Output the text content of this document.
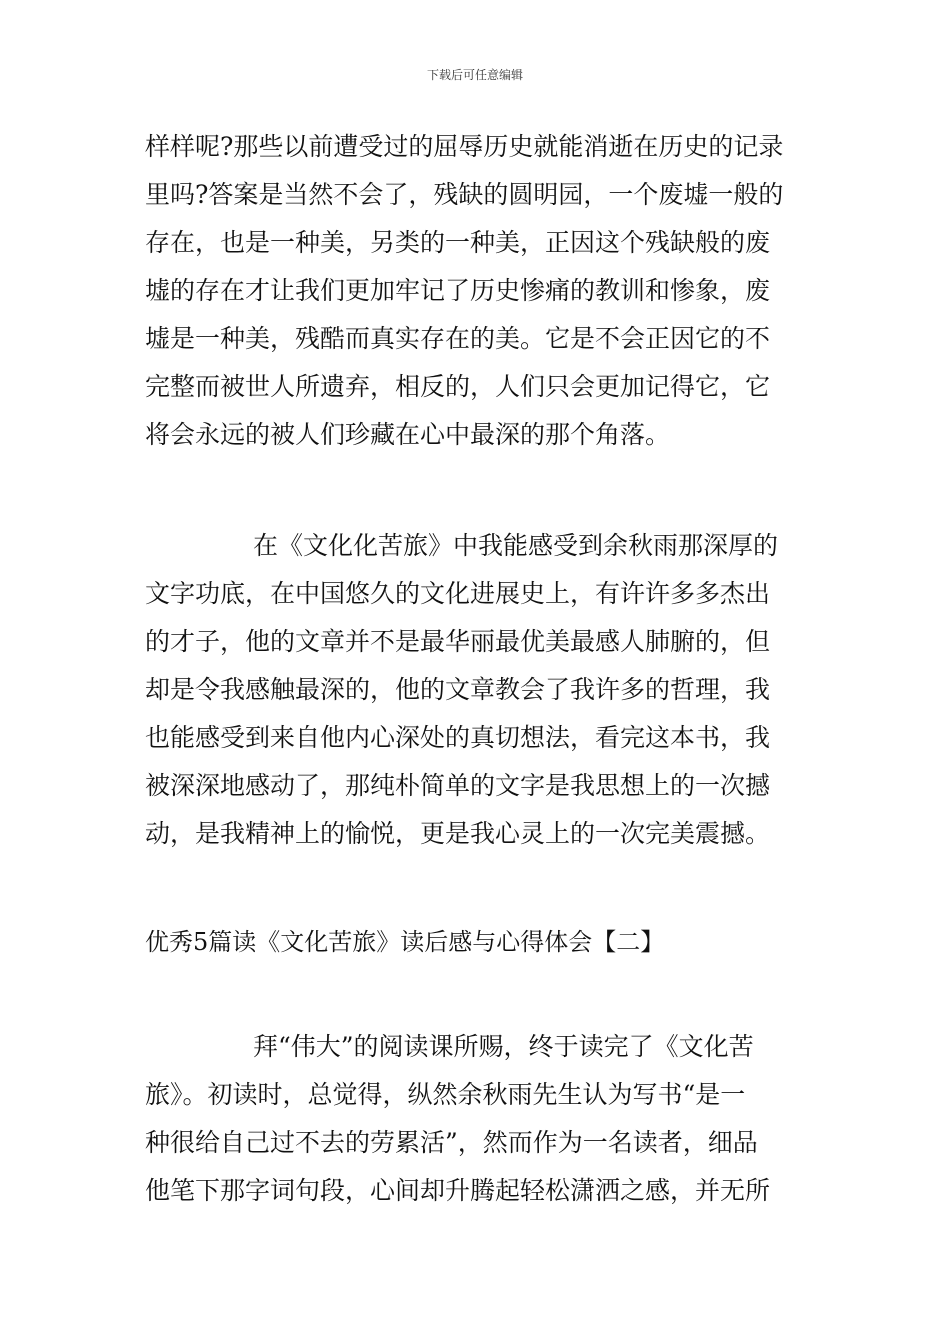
下载后可任意编辑
样样呢?那些以前遭受过的屈辱历史就能消逝在历史的记录
里吗?答案是当然不会了，残缺的圆明园，一个废墟一般的
存在，也是一种美，另类的一种美，正因这个残缺般的废
墟的存在才让我们更加牢记了历史惨痛的教训和惨象，废
墟是一种美，残酷而真实存在的美。它是不会正因它的不
完整而被世人所遗弃，相反的，人们只会更加记得它，它
将会永远的被人们珍藏在心中最深的那个角落。
在《文化化苦旅》中我能感受到余秋雨那深厚的
文字功底，在中国悠久的文化进展史上，有许许多多杰出
的才子，他的文章并不是最华丽最优美最感人肺腑的，但
却是令我感触最深的，他的文章教会了我许多的哲理，我
也能感受到来自他内心深处的真切想法，看完这本书，我
被深深地感动了，那纯朴简单的文字是我思想上的一次撼
动，是我精神上的愉悦，更是我心灵上的一次完美震撼。
优秀5篇读《文化苦旅》读后感与心得体会【二】
拜“伟大”的阅读课所赐，终于读完了《文化苦
旅》。初读时，总觉得，纵然余秋雨先生认为写书“是一
种很给自己过不去的劳累活”，然而作为一名读者，细品
他笔下那字词句段，心间却升腾起轻松潇洒之感，并无所
